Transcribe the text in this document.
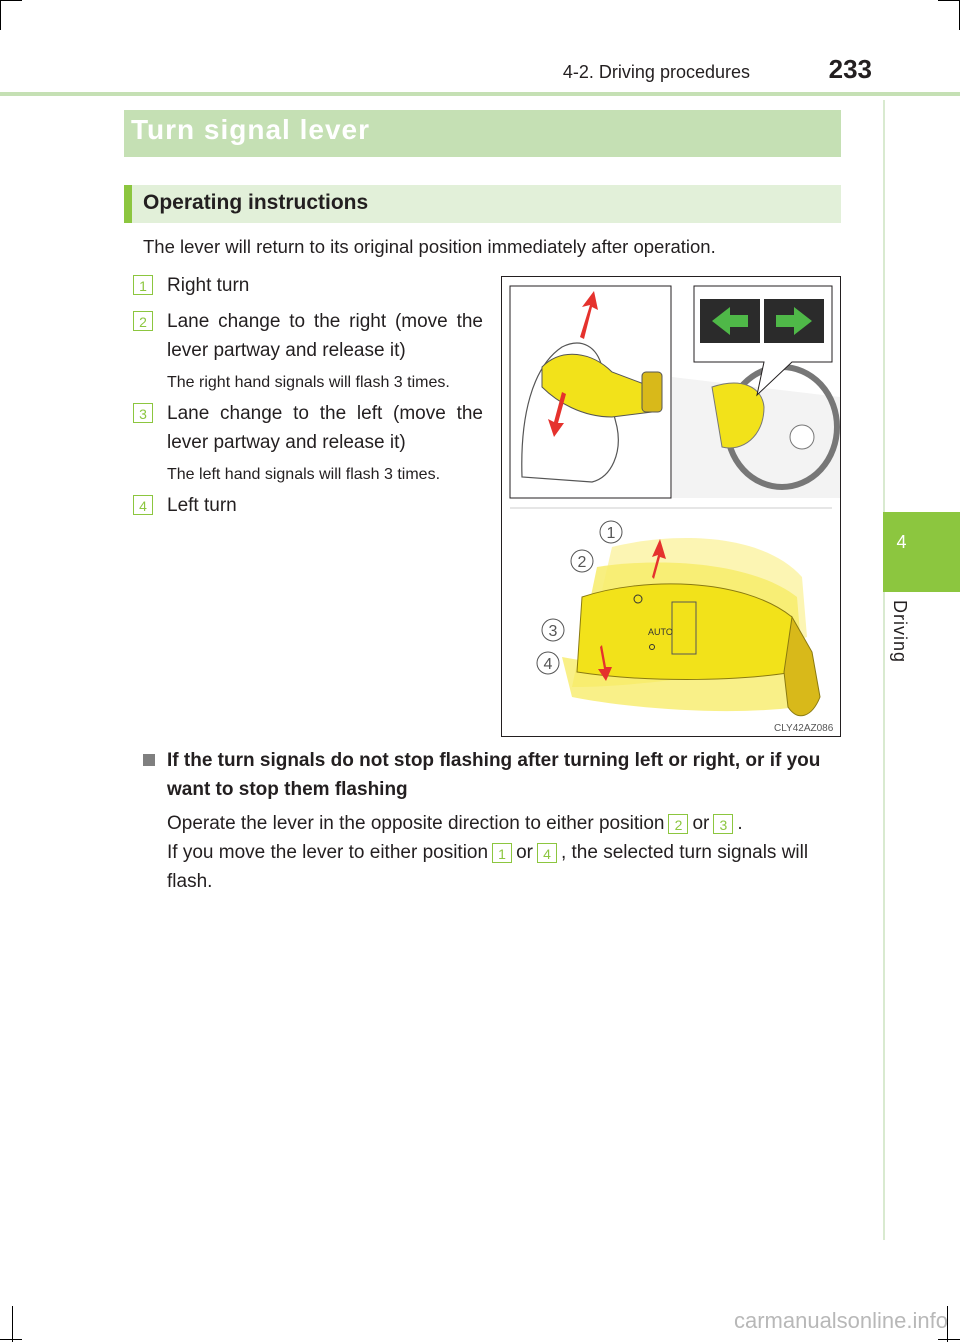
4-2. Driving procedures	233
4
Driving
Turn signal lever
Operating instructions
The lever will return to its original position immediately after operation.
1	Right turn
2	Lane change to the right (move the lever partway and release it)
The right hand signals will flash 3 times.
3	Lane change to the left (move the lever partway and release it)
The left hand signals will flash 3 times.
4	Left turn
AUTO
1
2
3
4
CLY42AZ086
If the turn signals do not stop flashing after turning left or right, or if you want to stop them flashing
Operate the lever in the opposite direction to either position 2 or 3 .
If you move the lever to either position 1 or 4 , the selected turn signals will flash.
carmanualsonline.info
